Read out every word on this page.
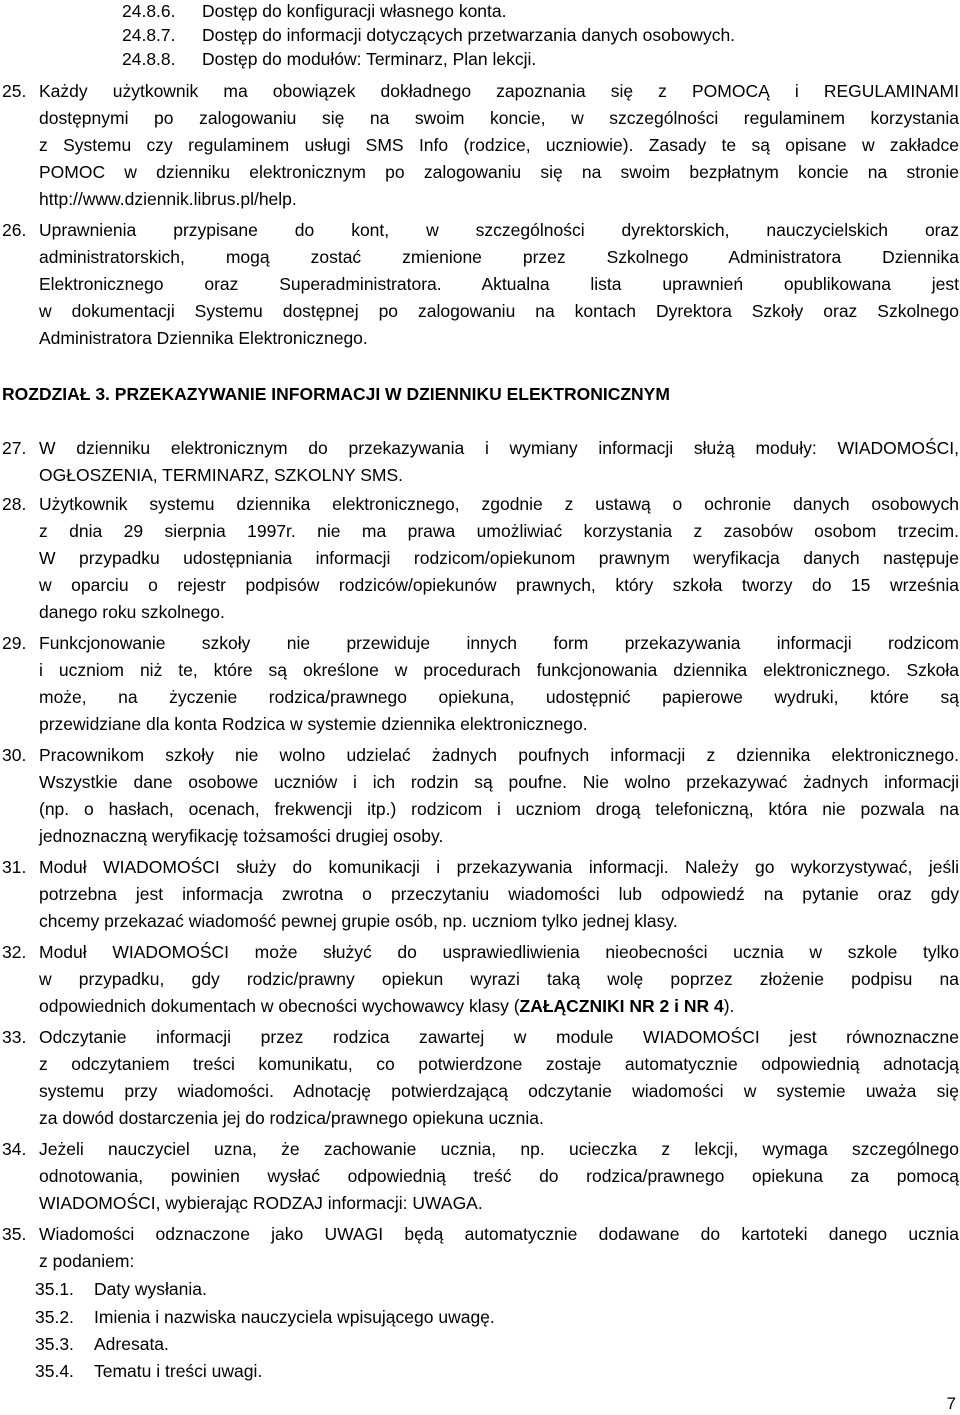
24.8.6. Dostęp do konfiguracji własnego konta.
24.8.7. Dostęp do informacji dotyczących przetwarzania danych osobowych.
24.8.8. Dostęp do modułów: Terminarz, Plan lekcji.
25. Każdy użytkownik ma obowiązek dokładnego zapoznania się z POMOCĄ i REGULAMINAMI
dostępnymi po zalogowaniu się na swoim koncie, w szczególności regulaminem korzystania
z Systemu czy regulaminem usługi SMS Info (rodzice, uczniowie). Zasady te są opisane w zakładce
POMOC w dzienniku elektronicznym po zalogowaniu się na swoim bezpłatnym koncie na stronie
http://www.dziennik.librus.pl/help.
26. Uprawnienia przypisane do kont, w szczególności dyrektorskich, nauczycielskich oraz
administratorskich, mogą zostać zmienione przez Szkolnego Administratora Dziennika
Elektronicznego oraz Superadministratora. Aktualna lista uprawnień opublikowana jest
w dokumentacji Systemu dostępnej po zalogowaniu na kontach Dyrektora Szkoły oraz Szkolnego
Administratora Dziennika Elektronicznego.
ROZDZIAŁ 3. PRZEKAZYWANIE INFORMACJI W DZIENNIKU ELEKTRONICZNYM
27. W dzienniku elektronicznym do przekazywania i wymiany informacji służą moduły: WIADOMOŚCI,
OGŁOSZENIA, TERMINARZ, SZKOLNY SMS.
28. Użytkownik systemu dziennika elektronicznego, zgodnie z ustawą o ochronie danych osobowych
z dnia 29 sierpnia 1997r. nie ma prawa umożliwiać korzystania z zasobów osobom trzecim.
W przypadku udostępniania informacji rodzicom/opiekunom prawnym weryfikacja danych następuje
w oparciu o rejestr podpisów rodziców/opiekunów prawnych, który szkoła tworzy do 15 września
danego roku szkolnego.
29. Funkcjonowanie szkoły nie przewiduje innych form przekazywania informacji rodzicom
i uczniom niż te, które są określone w procedurach funkcjonowania dziennika elektronicznego. Szkoła
może, na życzenie rodzica/prawnego opiekuna, udostępnić papierowe wydruki, które są
przewidziane dla konta Rodzica w systemie dziennika elektronicznego.
30. Pracownikom szkoły nie wolno udzielać żadnych poufnych informacji z dziennika elektronicznego.
Wszystkie dane osobowe uczniów i ich rodzin są poufne. Nie wolno przekazywać żadnych informacji
(np. o hasłach, ocenach, frekwencji itp.) rodzicom i uczniom drogą telefoniczną, która nie pozwala na
jednoznaczną weryfikację tożsamości drugiej osoby.
31. Moduł WIADOMOŚCI służy do komunikacji i przekazywania informacji. Należy go wykorzystywać, jeśli
potrzebna jest informacja zwrotna o przeczytaniu wiadomości lub odpowiedź na pytanie oraz gdy
chcemy przekazać wiadomość pewnej grupie osób, np. uczniom tylko jednej klasy.
32. Moduł WIADOMOŚCI może służyć do usprawiedliwienia nieobecności ucznia w szkole tylko
w przypadku, gdy rodzic/prawny opiekun wyrazi taką wolę poprzez złożenie podpisu na
odpowiednich dokumentach w obecności wychowawcy klasy (ZAŁĄCZNIKI NR 2 i NR 4).
33. Odczytanie informacji przez rodzica zawartej w module WIADOMOŚCI jest równoznaczne
z odczytaniem treści komunikatu, co potwierdzone zostaje automatycznie odpowiednią adnotacją
systemu przy wiadomości. Adnotację potwierdzającą odczytanie wiadomości w systemie uważa się
za dowód dostarczenia jej do rodzica/prawnego opiekuna ucznia.
34. Jeżeli nauczyciel uzna, że zachowanie ucznia, np. ucieczka z lekcji, wymaga szczególnego
odnotowania, powinien wysłać odpowiednią treść do rodzica/prawnego opiekuna za pomocą
WIADOMOŚCI, wybierając RODZAJ informacji: UWAGA.
35. Wiadomości odznaczone jako UWAGI będą automatycznie dodawane do kartoteki danego ucznia
z podaniem:
35.1. Daty wysłania.
35.2. Imienia i nazwiska nauczyciela wpisującego uwagę.
35.3. Adresata.
35.4. Tematu i treści uwagi.
7
